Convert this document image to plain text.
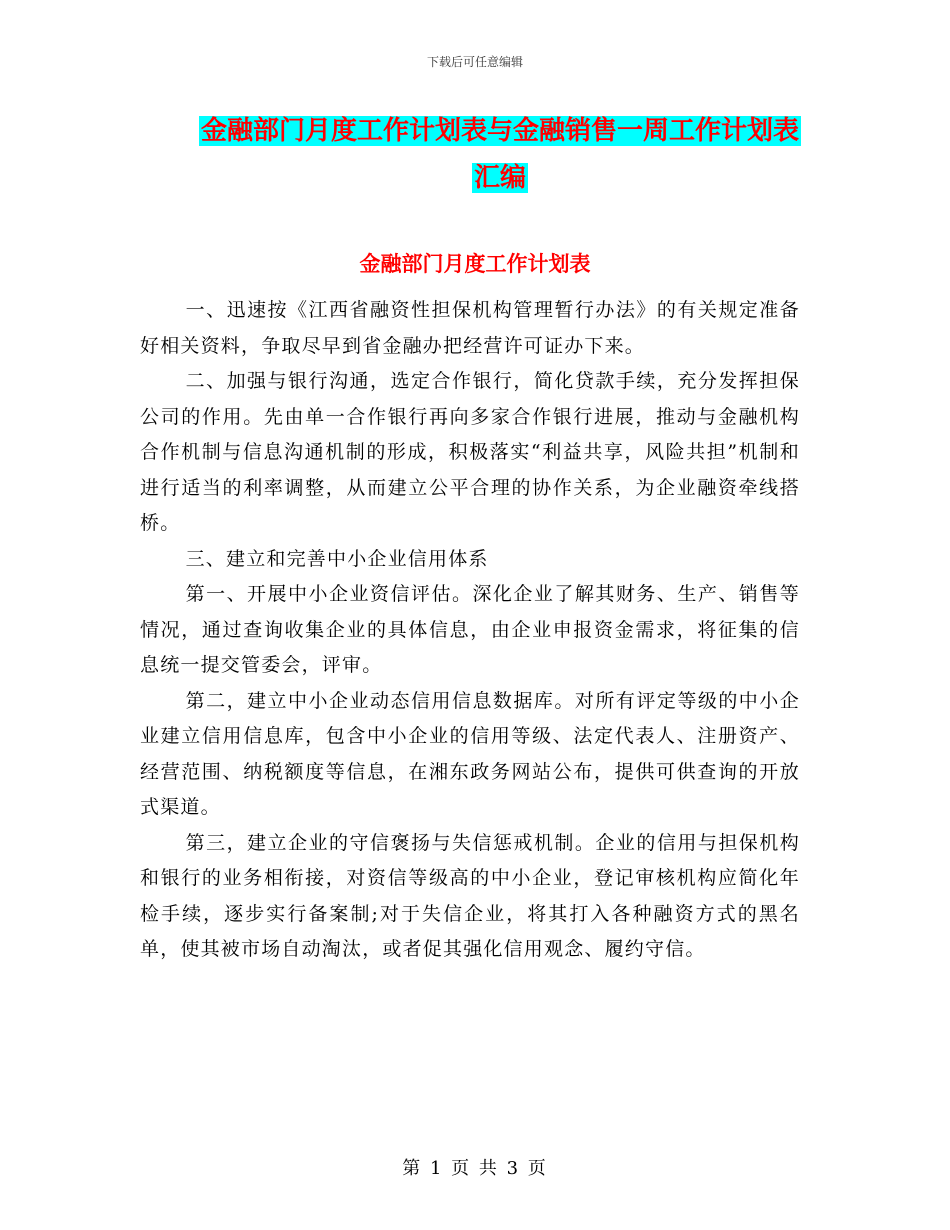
下载后可任意编辑
金融部门月度工作计划表与金融销售一周工作计划表
汇编
金融部门月度工作计划表

一、迅速按《江西省融资性担保机构管理暂行办法》的有关规定准备好相关资料，争取尽早到省金融办把经营许可证办下来。

二、加强与银行沟通，选定合作银行，简化贷款手续，充分发挥担保公司的作用。先由单一合作银行再向多家合作银行进展，推动与金融机构合作机制与信息沟通机制的形成，积极落实“利益共享，风险共担”机制和进行适当的利率调整，从而建立公平合理的协作关系，为企业融资牵线搭桥。

三、建立和完善中小企业信用体系

第一、开展中小企业资信评估。深化企业了解其财务、生产、销售等情况，通过查询收集企业的具体信息，由企业申报资金需求，将征集的信息统一提交管委会，评审。

第二，建立中小企业动态信用信息数据库。对所有评定等级的中小企业建立信用信息库，包含中小企业的信用等级、法定代表人、注册资产、经营范围、纳税额度等信息，在湘东政务网站公布，提供可供查询的开放式渠道。

第三，建立企业的守信褒扬与失信惩戒机制。企业的信用与担保机构和银行的业务相衔接，对资信等级高的中小企业，登记审核机构应简化年检手续，逐步实行备案制;对于失信企业，将其打入各种融资方式的黑名单，使其被市场自动淘汰，或者促其强化信用观念、履约守信。

第 1 页 共 3 页
